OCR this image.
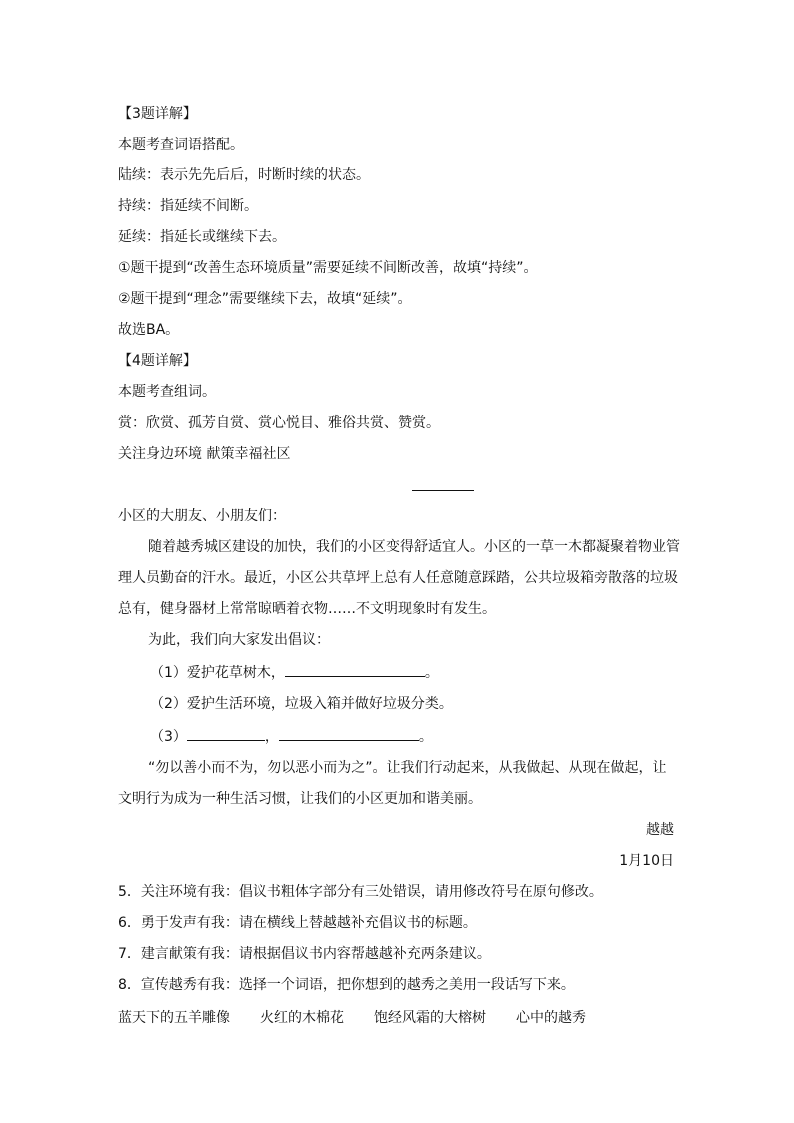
【3题详解】
本题考查词语搭配。
陆续：表示先先后后，时断时续的状态。
持续：指延续不间断。
延续：指延长或继续下去。
①题干提到“改善生态环境质量”需要延续不间断改善，故填“持续”。
②题干提到“理念”需要继续下去，故填“延续”。
故选BA。
【4题详解】
本题考查组词。
赏：欣赏、孤芳自赏、赏心悦目、雅俗共赏、赞赏。
关注身边环境 献策幸福社区
小区的大朋友、小朋友们：
随着越秀城区建设的加快，我们的小区变得舒适宜人。小区的一草一木都凝聚着物业管
理人员勤奋的汗水。最近，小区公共草坪上总有人任意随意踩踏，公共垃圾箱旁散落的垃圾
总有，健身器材上常常晾晒着衣物……不文明现象时有发生。
为此，我们向大家发出倡议：
（1）爱护花草树木，	。
（2）爱护生活环境，垃圾入箱并做好垃圾分类。
（3）	，	。
“勿以善小而不为，勿以恶小而为之”。让我们行动起来，从我做起、从现在做起，让
文明行为成为一种生活习惯，让我们的小区更加和谐美丽。
越越
1月10日
5．关注环境有我：倡议书粗体字部分有三处错误，请用修改符号在原句修改。
6．勇于发声有我：请在横线上替越越补充倡议书的标题。
7．建言献策有我：请根据倡议书内容帮越越补充两条建议。
8．宣传越秀有我：选择一个词语，把你想到的越秀之美用一段话写下来。
蓝天下的五羊雕像 火红的木棉花 饱经风霜的大榕树 心中的越秀
